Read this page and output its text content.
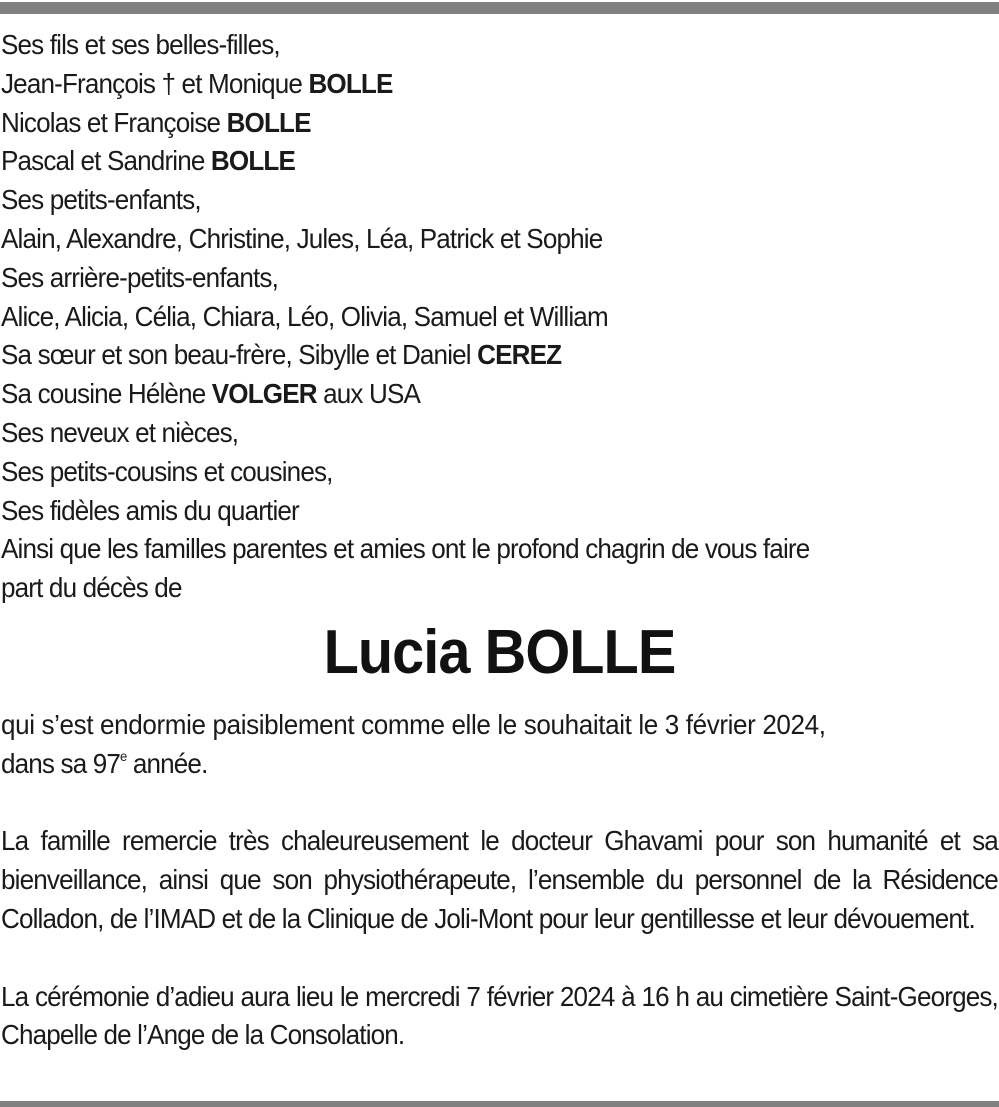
Ses fils et ses belles-filles,
Jean-François † et Monique BOLLE
Nicolas et Françoise BOLLE
Pascal et Sandrine BOLLE
Ses petits-enfants,
Alain, Alexandre, Christine, Jules, Léa, Patrick et Sophie
Ses arrière-petits-enfants,
Alice, Alicia, Célia, Chiara, Léo, Olivia, Samuel et William
Sa sœur et son beau-frère, Sibylle et Daniel CEREZ
Sa cousine Hélène VOLGER aux USA
Ses neveux et nièces,
Ses petits-cousins et cousines,
Ses fidèles amis du quartier
Ainsi que les familles parentes et amies ont le profond chagrin de vous faire
part du décès de
Lucia BOLLE
qui s’est endormie paisiblement comme elle le souhaitait le 3 février 2024,
dans sa 97e année.
La famille remercie très chaleureusement le docteur Ghavami pour son humanité et sa bienveillance, ainsi que son physiothérapeute, l’ensemble du personnel de la Résidence Colladon, de l’IMAD et de la Clinique de Joli-Mont pour leur gentillesse et leur dévouement.
La cérémonie d’adieu aura lieu le mercredi 7 février 2024 à 16 h au cimetière Saint-Georges, Chapelle de l’Ange de la Consolation.
